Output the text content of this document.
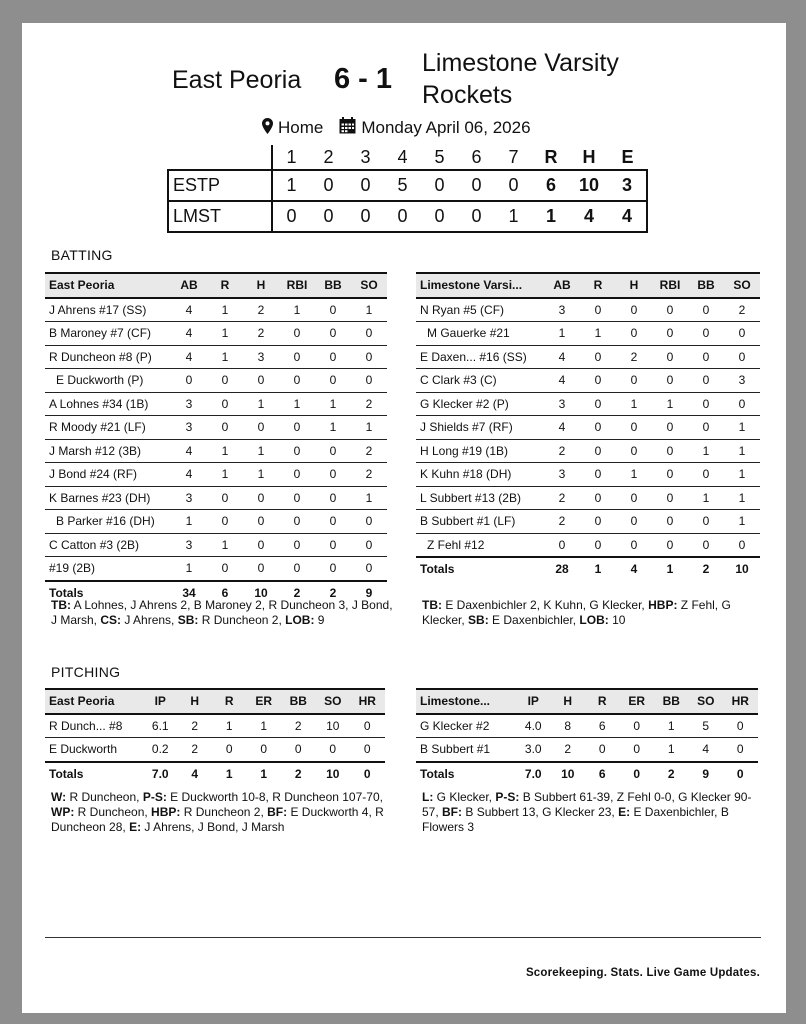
East Peoria 6 - 1 Limestone Varsity Rockets
Home Monday April 06, 2026
	1	2	3	4	5	6	7	R	H	E
ESTP	1	0	0	5	0	0	0	6	10	3
LMST	0	0	0	0	0	0	1	1	4	4
BATTING
East Peoria	AB	R	H	RBI	BB	SO
J Ahrens #17 (SS)	4	1	2	1	0	1
B Maroney #7 (CF)	4	1	2	0	0	0
R Duncheon #8 (P)	4	1	3	0	0	0
E Duckworth (P)	0	0	0	0	0	0
A Lohnes #34 (1B)	3	0	1	1	1	2
R Moody #21 (LF)	3	0	0	0	1	1
J Marsh #12 (3B)	4	1	1	0	0	2
J Bond #24 (RF)	4	1	1	0	0	2
K Barnes #23 (DH)	3	0	0	0	0	1
B Parker #16 (DH)	1	0	0	0	0	0
C Catton #3 (2B)	3	1	0	0	0	0
#19 (2B)	1	0	0	0	0	0
Totals	34	6	10	2	2	9
Limestone Varsi...	AB	R	H	RBI	BB	SO
N Ryan #5 (CF)	3	0	0	0	0	2
M Gauerke #21	1	1	0	0	0	0
E Daxen... #16 (SS)	4	0	2	0	0	0
C Clark #3 (C)	4	0	0	0	0	3
G Klecker #2 (P)	3	0	1	1	0	0
J Shields #7 (RF)	4	0	0	0	0	1
H Long #19 (1B)	2	0	0	0	1	1
K Kuhn #18 (DH)	3	0	1	0	0	1
L Subbert #13 (2B)	2	0	0	0	1	1
B Subbert #1 (LF)	2	0	0	0	0	1
Z Fehl #12	0	0	0	0	0	0
Totals	28	1	4	1	2	10
TB: A Lohnes, J Ahrens 2, B Maroney 2, R Duncheon 3, J Bond, J Marsh, CS: J Ahrens, SB: R Duncheon 2, LOB: 9
TB: E Daxenbichler 2, K Kuhn, G Klecker, HBP: Z Fehl, G Klecker, SB: E Daxenbichler, LOB: 10
PITCHING
East Peoria	IP	H	R	ER	BB	SO	HR
R Dunch... #8	6.1	2	1	1	2	10	0
E Duckworth	0.2	2	0	0	0	0	0
Totals	7.0	4	1	1	2	10	0
Limestone...	IP	H	R	ER	BB	SO	HR
G Klecker #2	4.0	8	6	0	1	5	0
B Subbert #1	3.0	2	0	0	1	4	0
Totals	7.0	10	6	0	2	9	0
W: R Duncheon, P-S: E Duckworth 10-8, R Duncheon 107-70, WP: R Duncheon, HBP: R Duncheon 2, BF: E Duckworth 4, R Duncheon 28, E: J Ahrens, J Bond, J Marsh
L: G Klecker, P-S: B Subbert 61-39, Z Fehl 0-0, G Klecker 90-57, BF: B Subbert 13, G Klecker 23, E: E Daxenbichler, B Flowers 3
Scorekeeping. Stats. Live Game Updates.
